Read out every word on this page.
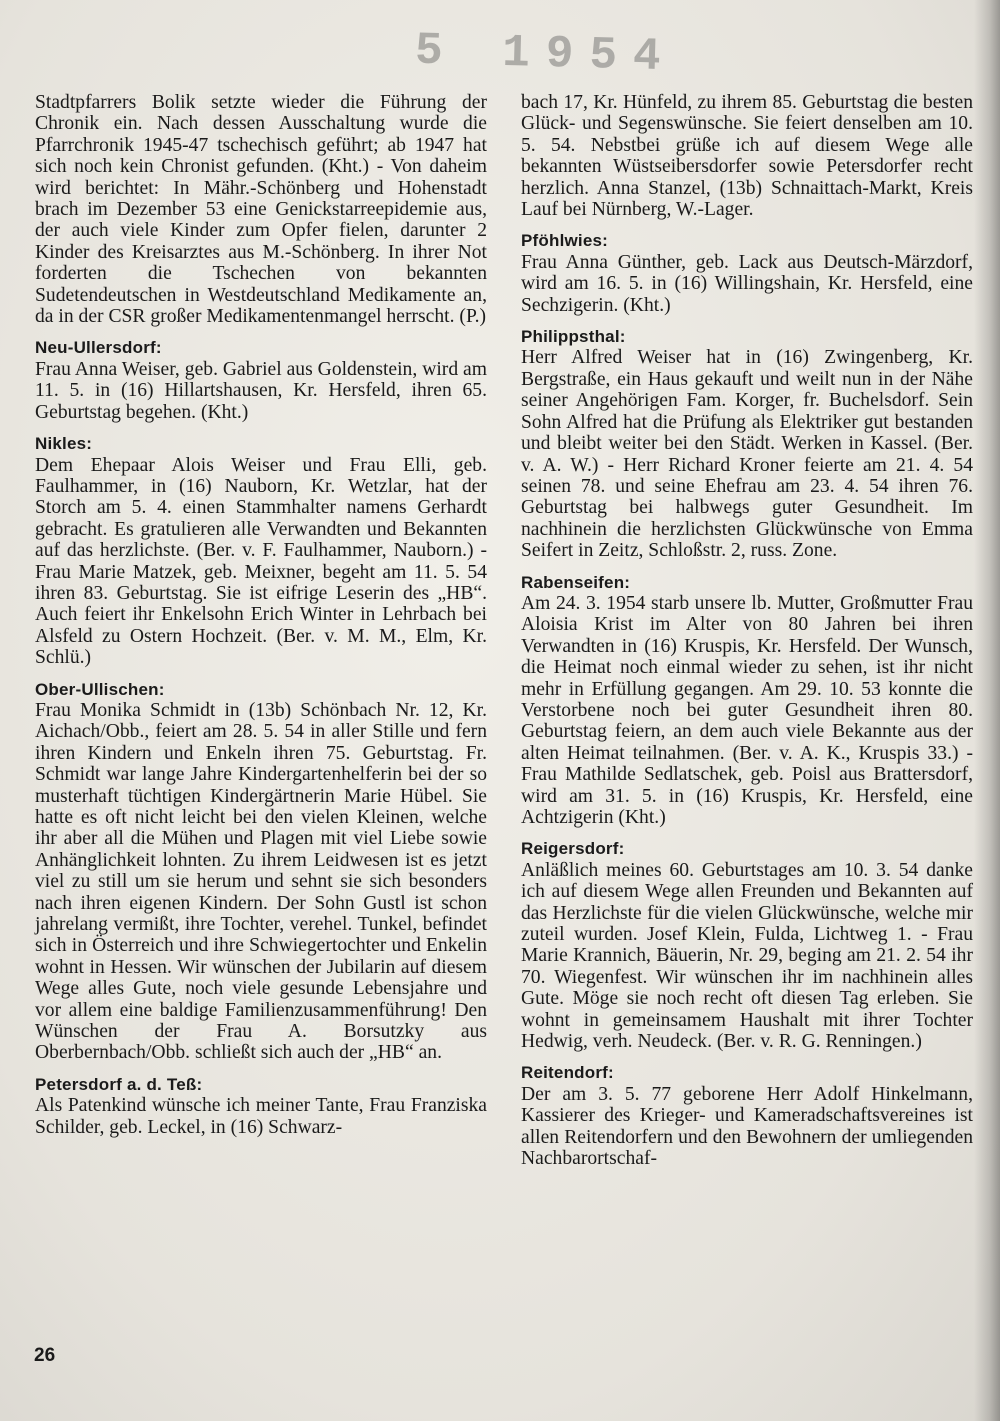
5 1954

Stadtpfarrers Bolik setzte wieder die Führung der Chronik ein. Nach dessen Ausschaltung wurde die Pfarrchronik 1945-47 tschechisch geführt; ab 1947 hat sich noch kein Chronist gefunden. (Kht.) - Von daheim wird berichtet: In Mähr.-Schönberg und Hohenstadt brach im Dezember 53 eine Genickstarreepidemie aus, der auch viele Kinder zum Opfer fielen, darunter 2 Kinder des Kreisarztes aus M.-Schönberg. In ihrer Not forderten die Tschechen von bekannten Sudetendeutschen in Westdeutschland Medikamente an, da in der CSR großer Medikamentenmangel herrscht. (P.)

Neu-Ullersdorf:

Frau Anna Weiser, geb. Gabriel aus Goldenstein, wird am 11. 5. in (16) Hillartshausen, Kr. Hersfeld, ihren 65. Geburtstag begehen. (Kht.)

Nikles:

Dem Ehepaar Alois Weiser und Frau Elli, geb. Faulhammer, in (16) Nauborn, Kr. Wetzlar, hat der Storch am 5. 4. einen Stammhalter namens Gerhardt gebracht. Es gratulieren alle Verwandten und Bekannten auf das herzlichste. (Ber. v. F. Faulhammer, Nauborn.) - Frau Marie Matzek, geb. Meixner, begeht am 11. 5. 54 ihren 83. Geburtstag. Sie ist eifrige Leserin des „HB“. Auch feiert ihr Enkelsohn Erich Winter in Lehrbach bei Alsfeld zu Ostern Hochzeit. (Ber. v. M. M., Elm, Kr. Schlü.)

Ober-Ullischen:

Frau Monika Schmidt in (13b) Schönbach Nr. 12, Kr. Aichach/Obb., feiert am 28. 5. 54 in aller Stille und fern ihren Kindern und Enkeln ihren 75. Geburtstag. Fr. Schmidt war lange Jahre Kindergartenhelferin bei der so musterhaft tüchtigen Kindergärtnerin Marie Hübel. Sie hatte es oft nicht leicht bei den vielen Kleinen, welche ihr aber all die Mühen und Plagen mit viel Liebe sowie Anhänglichkeit lohnten. Zu ihrem Leidwesen ist es jetzt viel zu still um sie herum und sehnt sie sich besonders nach ihren eigenen Kindern. Der Sohn Gustl ist schon jahrelang vermißt, ihre Tochter, verehel. Tunkel, befindet sich in Österreich und ihre Schwiegertochter und Enkelin wohnt in Hessen. Wir wünschen der Jubilarin auf diesem Wege alles Gute, noch viele gesunde Lebensjahre und vor allem eine baldige Familienzusammenführung! Den Wünschen der Frau A. Borsutzky aus Oberbernbach/Obb. schließt sich auch der „HB“ an.

Petersdorf a. d. Teß:

Als Patenkind wünsche ich meiner Tante, Frau Franziska Schilder, geb. Leckel, in (16) Schwarz-

bach 17, Kr. Hünfeld, zu ihrem 85. Geburtstag die besten Glück- und Segenswünsche. Sie feiert denselben am 10. 5. 54. Nebstbei grüße ich auf diesem Wege alle bekannten Wüstseibersdorfer sowie Petersdorfer recht herzlich. Anna Stanzel, (13b) Schnaittach-Markt, Kreis Lauf bei Nürnberg, W.-Lager.

Pföhlwies:

Frau Anna Günther, geb. Lack aus Deutsch-Märzdorf, wird am 16. 5. in (16) Willingshain, Kr. Hersfeld, eine Sechzigerin. (Kht.)

Philippsthal:

Herr Alfred Weiser hat in (16) Zwingenberg, Kr. Bergstraße, ein Haus gekauft und weilt nun in der Nähe seiner Angehörigen Fam. Korger, fr. Buchelsdorf. Sein Sohn Alfred hat die Prüfung als Elektriker gut bestanden und bleibt weiter bei den Städt. Werken in Kassel. (Ber. v. A. W.) - Herr Richard Kroner feierte am 21. 4. 54 seinen 78. und seine Ehefrau am 23. 4. 54 ihren 76. Geburtstag bei halbwegs guter Gesundheit. Im nachhinein die herzlichsten Glückwünsche von Emma Seifert in Zeitz, Schloßstr. 2, russ. Zone.

Rabenseifen:

Am 24. 3. 1954 starb unsere lb. Mutter, Großmutter Frau Aloisia Krist im Alter von 80 Jahren bei ihren Verwandten in (16) Kruspis, Kr. Hersfeld. Der Wunsch, die Heimat noch einmal wieder zu sehen, ist ihr nicht mehr in Erfüllung gegangen. Am 29. 10. 53 konnte die Verstorbene noch bei guter Gesundheit ihren 80. Geburtstag feiern, an dem auch viele Bekannte aus der alten Heimat teilnahmen. (Ber. v. A. K., Kruspis 33.) - Frau Mathilde Sedlatschek, geb. Poisl aus Brattersdorf, wird am 31. 5. in (16) Kruspis, Kr. Hersfeld, eine Achtzigerin (Kht.)

Reigersdorf:

Anläßlich meines 60. Geburtstages am 10. 3. 54 danke ich auf diesem Wege allen Freunden und Bekannten auf das Herzlichste für die vielen Glückwünsche, welche mir zuteil wurden. Josef Klein, Fulda, Lichtweg 1. - Frau Marie Krannich, Bäuerin, Nr. 29, beging am 21. 2. 54 ihr 70. Wiegenfest. Wir wünschen ihr im nachhinein alles Gute. Möge sie noch recht oft diesen Tag erleben. Sie wohnt in gemeinsamem Haushalt mit ihrer Tochter Hedwig, verh. Neudeck. (Ber. v. R. G. Renningen.)

Reitendorf:

Der am 3. 5. 77 geborene Herr Adolf Hinkelmann, Kassierer des Krieger- und Kameradschaftsvereines ist allen Reitendorfern und den Bewohnern der umliegenden Nachbarortschaf-

26
